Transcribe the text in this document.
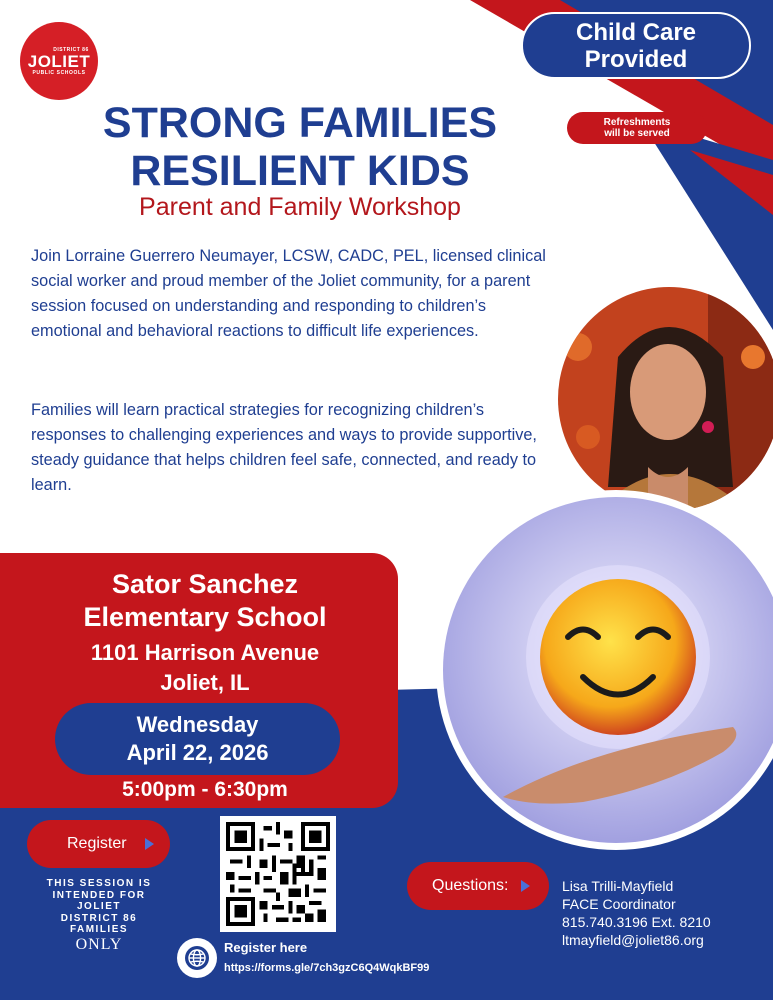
DISTRICT 86
JOLIET
PUBLIC SCHOOLS
Child Care
Provided
Refreshments
will be served
STRONG FAMILIES
RESILIENT KIDS
Parent and Family Workshop

Join Lorraine Guerrero Neumayer, LCSW, CADC, PEL, licensed clinical social worker and proud member of the Joliet community, for a parent session focused on understanding and responding to children’s emotional and behavioral reactions to difficult life experiences.

Families will learn practical strategies for recognizing children’s responses to challenging experiences and ways to provide supportive, steady guidance that helps children feel safe, connected, and ready to learn.

Sator Sanchez
Elementary School
1101 Harrison Avenue
Joliet, IL
Wednesday
April 22, 2026
5:00pm - 6:30pm
Register
THIS SESSION IS
INTENDED FOR
JOLIET
DISTRICT 86
FAMILIES
ONLY	Register here
https://forms.gle/7ch3gzC6Q4WqkBF99
Questions:	Lisa Trilli-Mayfield
FACE Coordinator
815.740.3196 Ext. 8210
ltmayfield@joliet86.org
